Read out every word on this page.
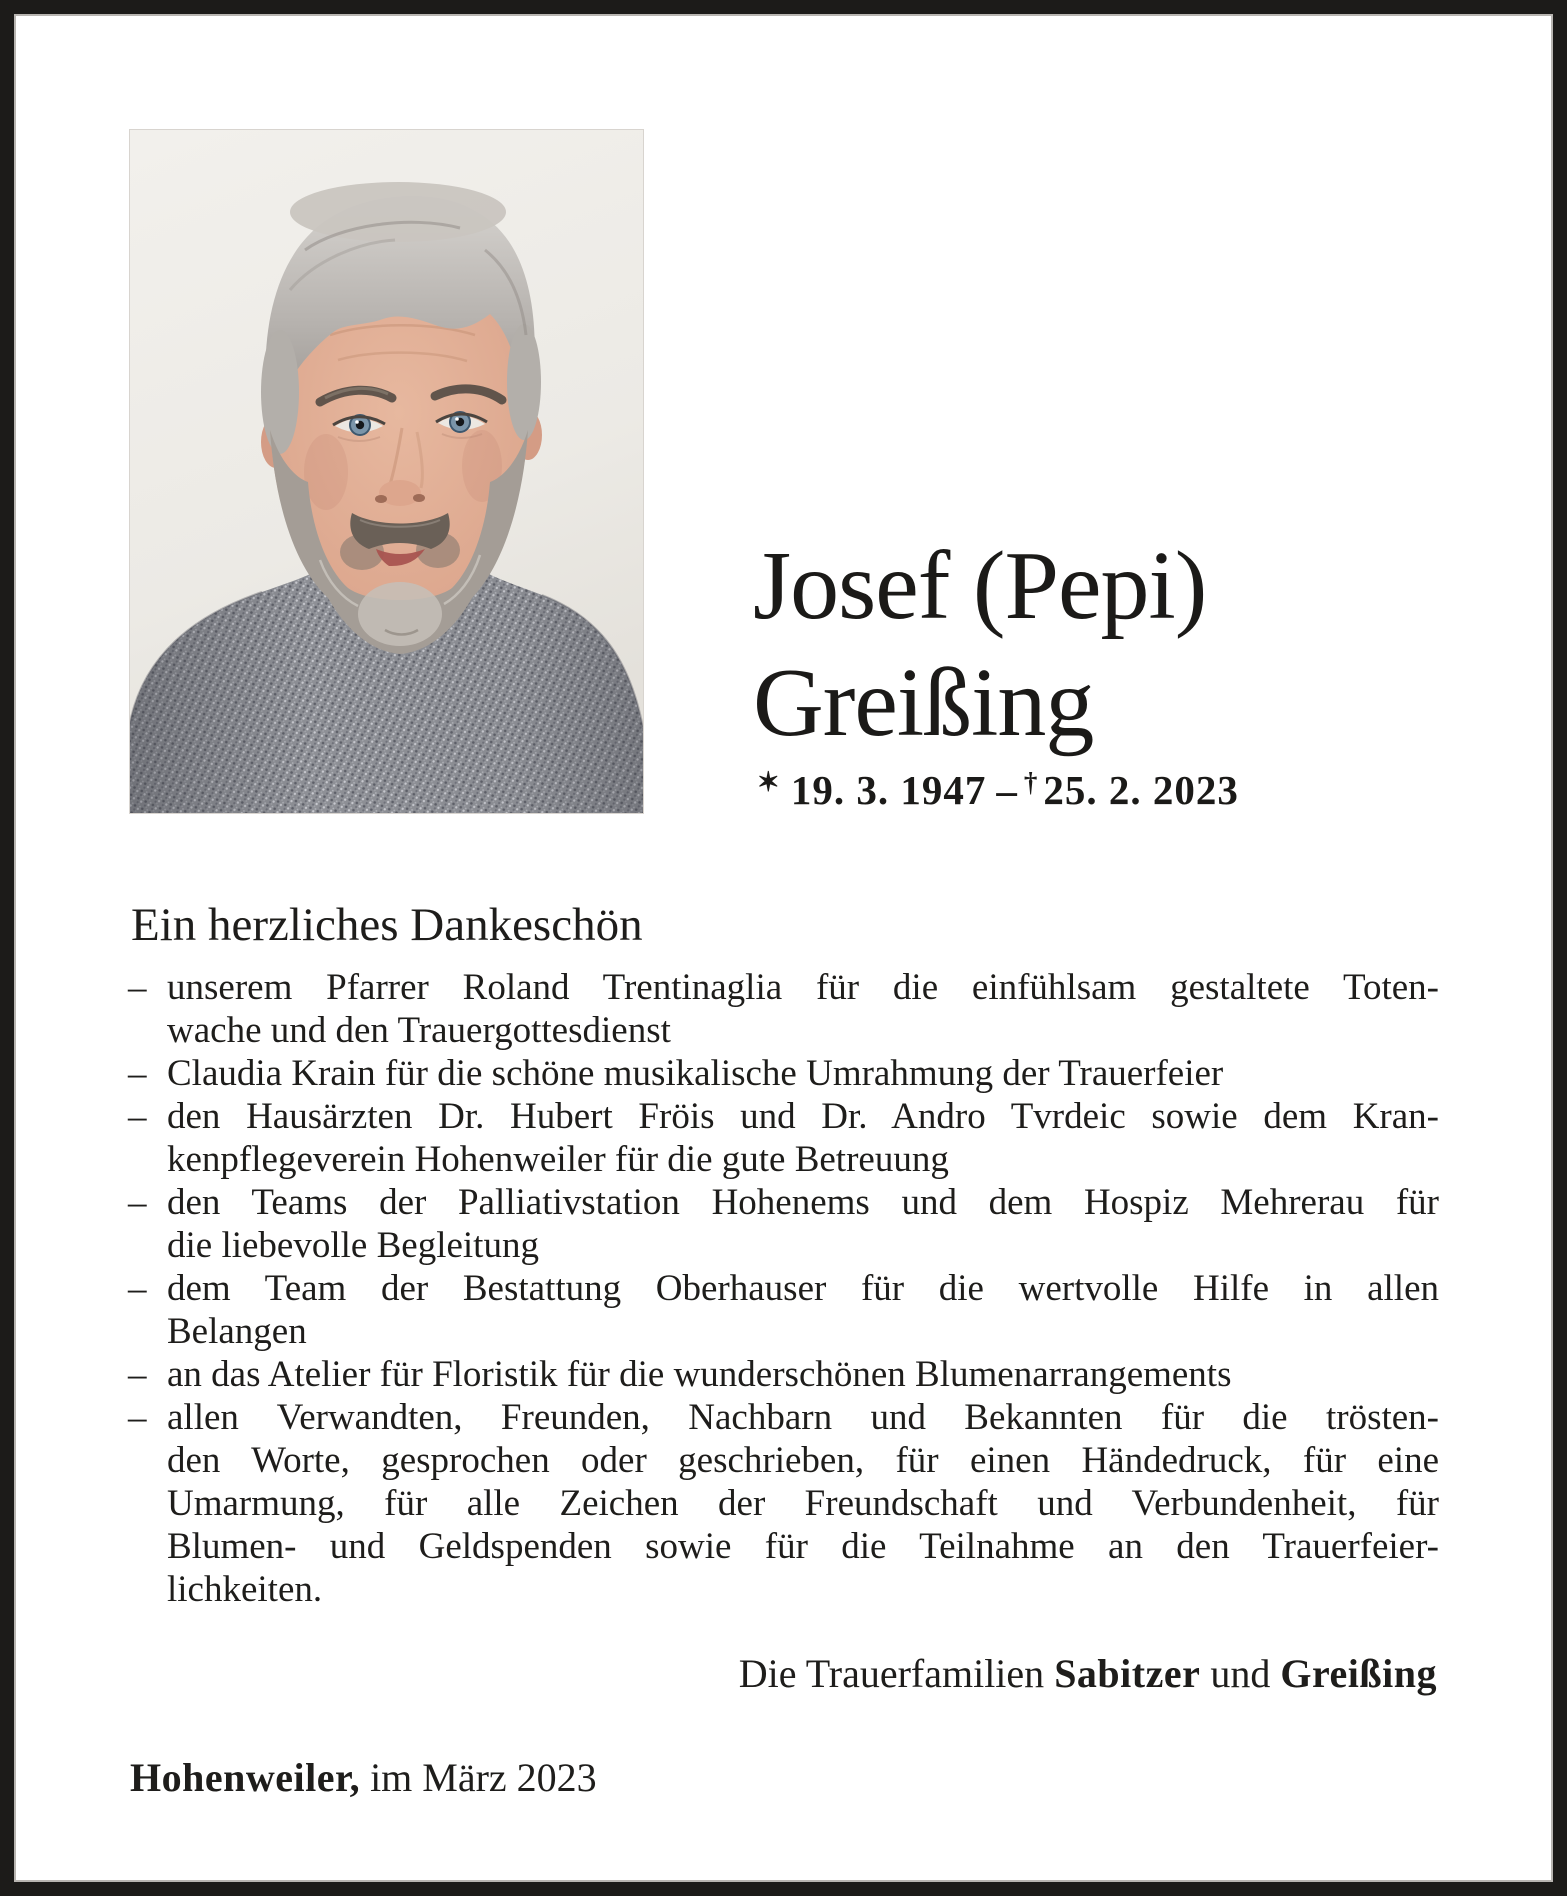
Josef (Pepi)
Greißing
✶ 19. 3. 1947 – † 25. 2. 2023
Ein herzliches Dankeschön
– unserem Pfarrer Roland Trentinaglia für die einfühlsam gestaltete Toten-
wache und den Trauergottesdienst
– Claudia Krain für die schöne musikalische Umrahmung der Trauerfeier
– den Hausärzten Dr. Hubert Fröis und Dr. Andro Tvrdeic sowie dem Kran-
kenpflegeverein Hohenweiler für die gute Betreuung
– den Teams der Palliativstation Hohenems und dem Hospiz Mehrerau für
die liebevolle Begleitung
– dem Team der Bestattung Oberhauser für die wertvolle Hilfe in allen
Belangen
– an das Atelier für Floristik für die wunderschönen Blumenarrangements
– allen Verwandten, Freunden, Nachbarn und Bekannten für die trösten-
den Worte, gesprochen oder geschrieben, für einen Händedruck, für eine
Umarmung, für alle Zeichen der Freundschaft und Verbundenheit, für
Blumen- und Geldspenden sowie für die Teilnahme an den Trauerfeier-
lichkeiten.
Die Trauerfamilien Sabitzer und Greißing
Hohenweiler, im März 2023
